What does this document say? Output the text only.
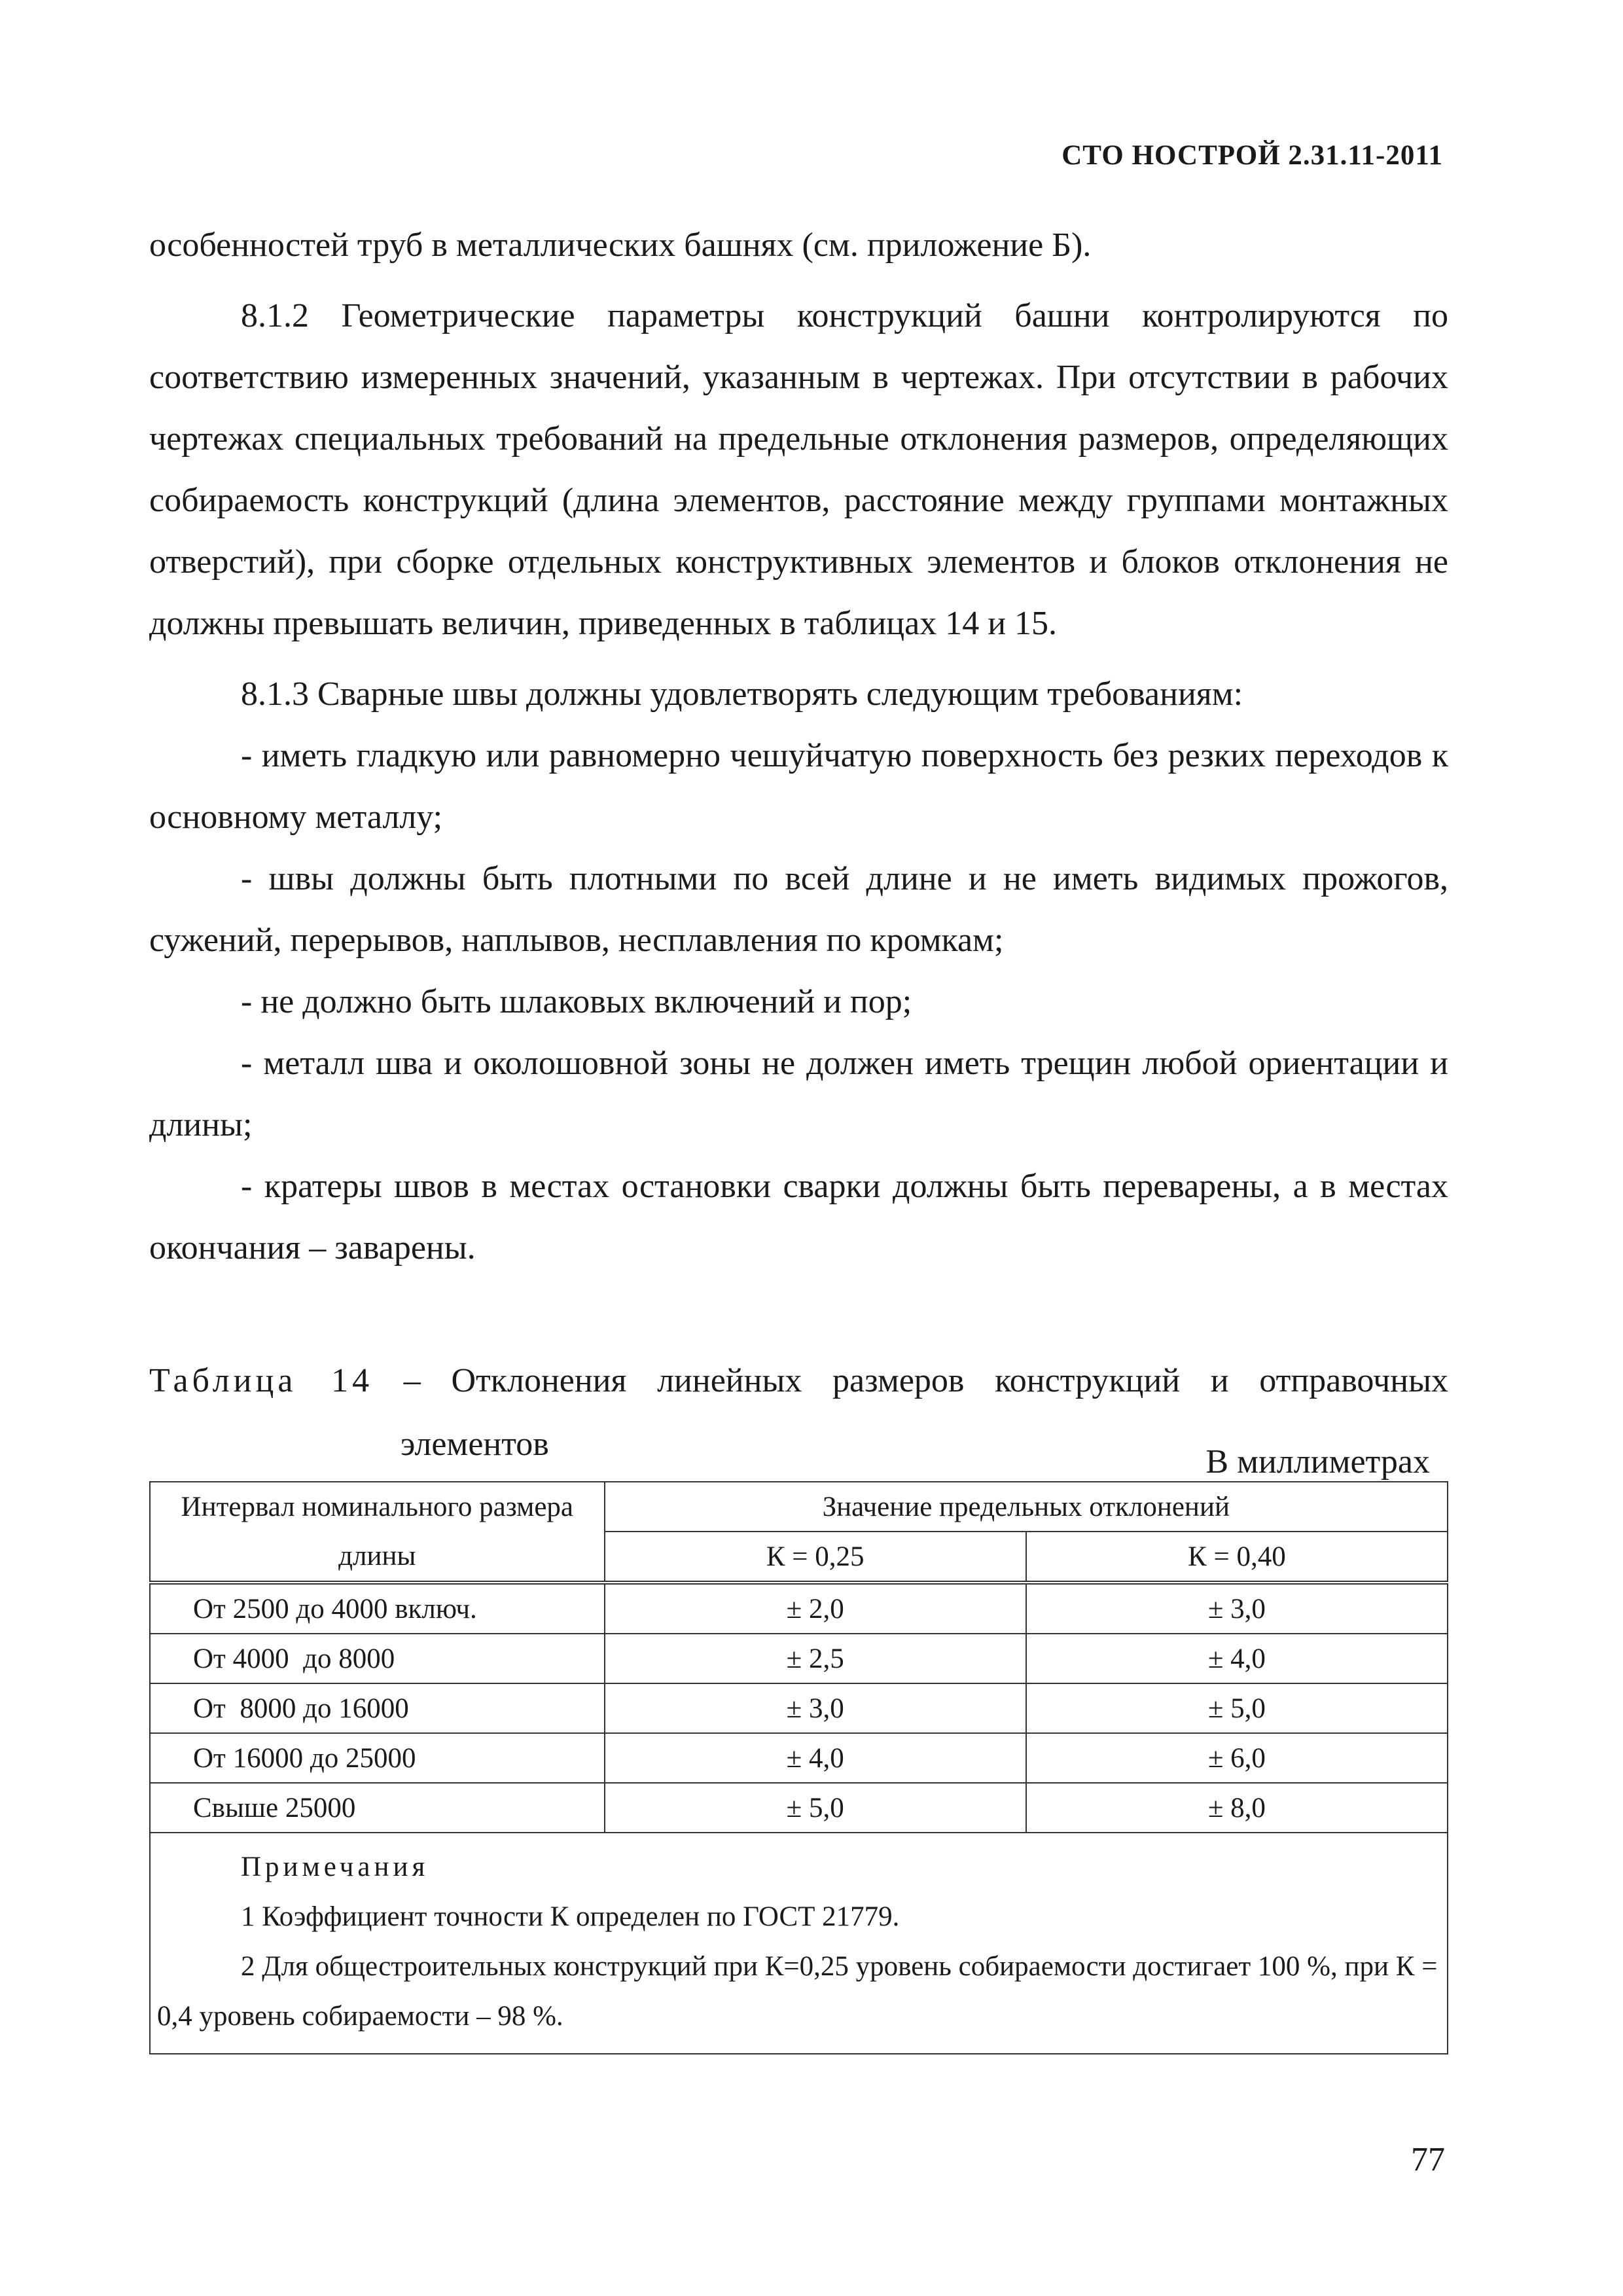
СТО НОСТРОЙ 2.31.11-2011

особенностей труб в металлических башнях (см. приложение Б).

8.1.2 Геометрические параметры конструкций башни контролируются по соответствию измеренных значений, указанным в чертежах. При отсутствии в рабочих чертежах специальных требований на предельные отклонения размеров, определяющих собираемость конструкций (длина элементов, расстояние между группами монтажных отверстий), при сборке отдельных конструктивных элементов и блоков отклонения не должны превышать величин, приведенных в таблицах 14 и 15.

8.1.3 Сварные швы должны удовлетворять следующим требованиям:

- иметь гладкую или равномерно чешуйчатую поверхность без резких переходов к основному металлу;

- швы должны быть плотными по всей длине и не иметь видимых прожогов, сужений, перерывов, наплывов, несплавления по кромкам;

- не должно быть шлаковых включений и пор;

- металл шва и околошовной зоны не должен иметь трещин любой ориентации и длины;

- кратеры швов в местах остановки сварки должны быть переварены, а в местах окончания – заварены.

Таблица 14 – Отклонения линейных размеров конструкций и отправочных
элементов	В миллиметрах
Интервал номинального размера
длины	Значение предельных отклонений	
	К = 0,25	К = 0,40
От 2500 до 4000 включ.	± 2,0	± 3,0
От 4000  до 8000	± 2,5	± 4,0
От  8000 до 16000	± 3,0	± 5,0
От 16000 до 25000	± 4,0	± 6,0
Свыше 25000	± 5,0	± 8,0

Примечания
1 Коэффициент точности К определен по ГОСТ 21779.
2 Для общестроительных конструкций при К=0,25 уровень собираемости достигает 100 %, при К = 0,4 уровень собираемости – 98 %.		
77
